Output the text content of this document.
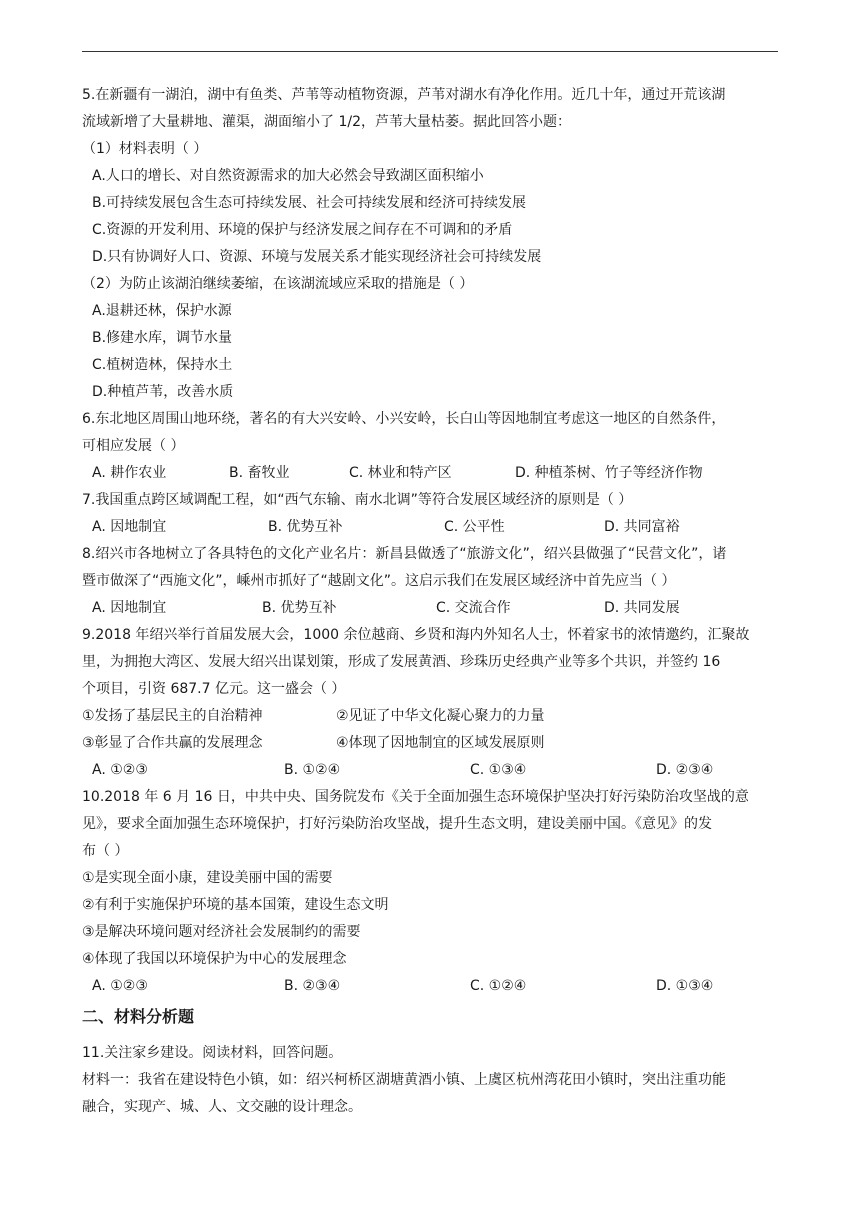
5.在新疆有一湖泊，湖中有鱼类、芦苇等动植物资源，芦苇对湖水有净化作用。近几十年，通过开荒该湖
流域新增了大量耕地、灌渠，湖面缩小了 1/2，芦苇大量枯萎。据此回答小题：
（1）材料表明（ ）
A.人口的增长、对自然资源需求的加大必然会导致湖区面积缩小
B.可持续发展包含生态可持续发展、社会可持续发展和经济可持续发展
C.资源的开发利用、环境的保护与经济发展之间存在不可调和的矛盾
D.只有协调好人口、资源、环境与发展关系才能实现经济社会可持续发展
（2）为防止该湖泊继续萎缩，在该湖流域应采取的措施是（ ）
A.退耕还林，保护水源
B.修建水库，调节水量
C.植树造林，保持水土
D.种植芦苇，改善水质
6.东北地区周围山地环绕，著名的有大兴安岭、小兴安岭，长白山等因地制宜考虑这一地区的自然条件，
可相应发展（ ）
A. 耕作农业	B. 畜牧业	C. 林业和特产区	D. 种植茶树、竹子等经济作物
7.我国重点跨区域调配工程，如“西气东输、南水北调”等符合发展区域经济的原则是（ ）
A. 因地制宜	B. 优势互补	C. 公平性	D. 共同富裕
8.绍兴市各地树立了各具特色的文化产业名片：新昌县做透了“旅游文化”，绍兴县做强了“民营文化”，诸
暨市做深了“西施文化”，嵊州市抓好了“越剧文化”。这启示我们在发展区域经济中首先应当（ ）
A. 因地制宜	B. 优势互补	C. 交流合作	D. 共同发展
9.2018 年绍兴举行首届发展大会，1000 余位越商、乡贤和海内外知名人士，怀着家书的浓情邀约，汇聚故
里，为拥抱大湾区、发展大绍兴出谋划策，形成了发展黄酒、珍珠历史经典产业等多个共识，并签约 16
个项目，引资 687.7 亿元。这一盛会（ ）
①发扬了基层民主的自治精神	②见证了中华文化凝心聚力的力量
③彰显了合作共赢的发展理念	④体现了因地制宜的区域发展原则
A. ①②③	B. ①②④	C. ①③④	D. ②③④
10.2018 年 6 月 16 日，中共中央、国务院发布《关于全面加强生态环境保护坚决打好污染防治攻坚战的意
见》，要求全面加强生态环境保护，打好污染防治攻坚战，提升生态文明，建设美丽中国。《意见》的发
布（ ）
①是实现全面小康，建设美丽中国的需要
②有利于实施保护环境的基本国策，建设生态文明
③是解决环境问题对经济社会发展制约的需要
④体现了我国以环境保护为中心的发展理念
A. ①②③	B. ②③④	C. ①②④	D. ①③④
二、材料分析题
11.关注家乡建设。阅读材料，回答问题。
材料一：我省在建设特色小镇，如：绍兴柯桥区湖塘黄酒小镇、上虞区杭州湾花田小镇时，突出注重功能
融合，实现产、城、人、文交融的设计理念。
